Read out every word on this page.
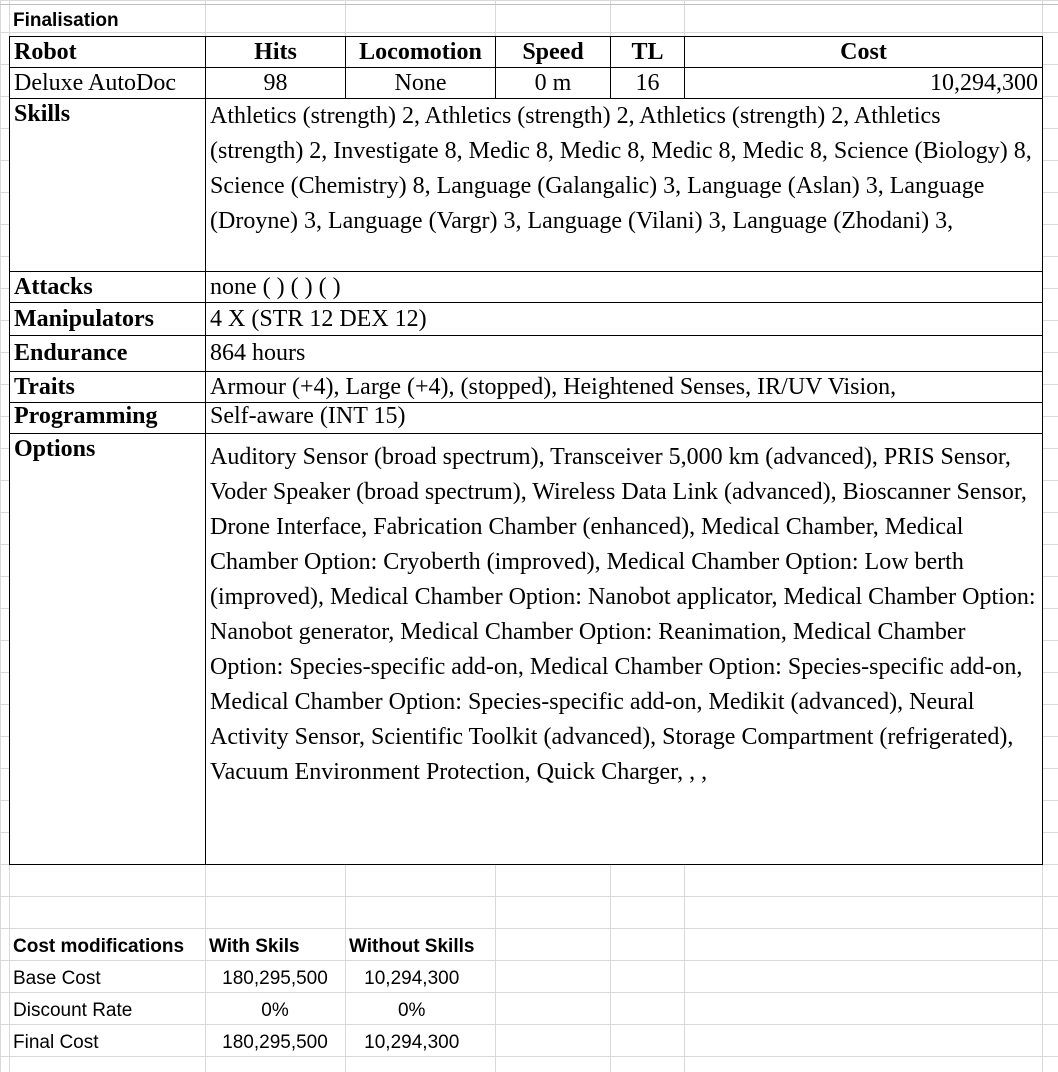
Finalisation
Robot	Hits	Locomotion	Speed	TL	Cost
Deluxe AutoDoc	98	None	0 m	16	10,294,300
Skills	Athletics (strength) 2, Athletics (strength) 2, Athletics (strength) 2, Athletics (strength) 2, Investigate 8, Medic 8, Medic 8, Medic 8, Medic 8, Science (Biology) 8, Science (Chemistry) 8, Language (Galangalic) 3, Language (Aslan) 3, Language (Droyne) 3, Language (Vargr) 3, Language (Vilani) 3, Language (Zhodani) 3,				
Attacks	none ( ) ( ) ( )				
Manipulators	4 X (STR 12 DEX 12)				
Endurance	864 hours				
Traits	Armour (+4), Large (+4), (stopped), Heightened Senses, IR/UV Vision,				
Programming	Self-aware (INT 15)				
Options	Auditory Sensor (broad spectrum), Transceiver 5,000 km (advanced), PRIS Sensor, Voder Speaker (broad spectrum), Wireless Data Link (advanced), Bioscanner Sensor, Drone Interface, Fabrication Chamber (enhanced), Medical Chamber, Medical Chamber Option: Cryoberth (improved), Medical Chamber Option: Low berth (improved), Medical Chamber Option: Nanobot applicator, Medical Chamber Option: Nanobot generator, Medical Chamber Option: Reanimation, Medical Chamber Option: Species-specific add-on, Medical Chamber Option: Species-specific add-on, Medical Chamber Option: Species-specific add-on, Medikit (advanced), Neural Activity Sensor, Scientific Toolkit (advanced), Storage Compartment (refrigerated), Vacuum Environment Protection, Quick Charger, , ,				
Cost modifications	With Skils	Without Skills
Base Cost	180,295,500	10,294,300
Discount Rate	0%	0%
Final Cost	180,295,500	10,294,300
